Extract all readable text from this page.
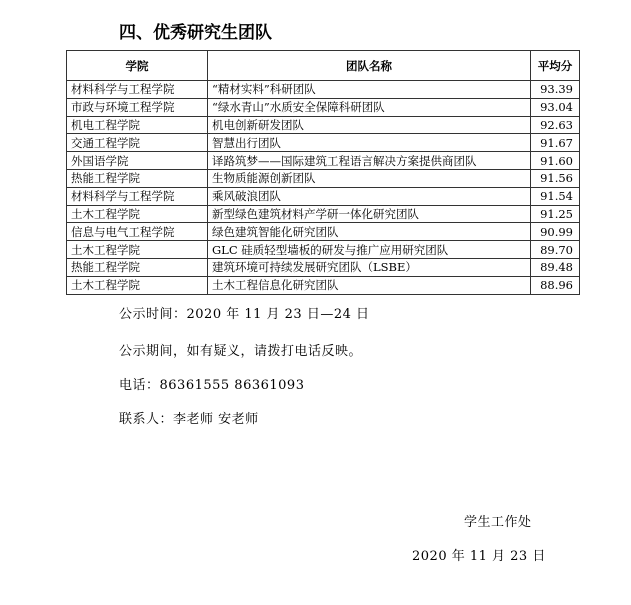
四、优秀研究生团队
学院	团队名称	平均分
材料科学与工程学院	“精材实料”科研团队	93.39
市政与环境工程学院	“绿水青山”水质安全保障科研团队	93.04
机电工程学院	机电创新研发团队	92.63
交通工程学院	智慧出行团队	91.67
外国语学院	译路筑梦——国际建筑工程语言解决方案提供商团队	91.60
热能工程学院	生物质能源创新团队	91.56
材料科学与工程学院	乘风破浪团队	91.54
土木工程学院	新型绿色建筑材料产学研一体化研究团队	91.25
信息与电气工程学院	绿色建筑智能化研究团队	90.99
土木工程学院	GLC 硅质轻型墙板的研发与推广应用研究团队	89.70
热能工程学院	建筑环境可持续发展研究团队（LSBE）	89.48
土木工程学院	土木工程信息化研究团队	88.96
公示时间：2020 年 11 月 23 日—24 日
公示期间，如有疑义，请拨打电话反映。
电话：86361555 86361093
联系人：李老师 安老师
学生工作处
2020 年 11 月 23 日
